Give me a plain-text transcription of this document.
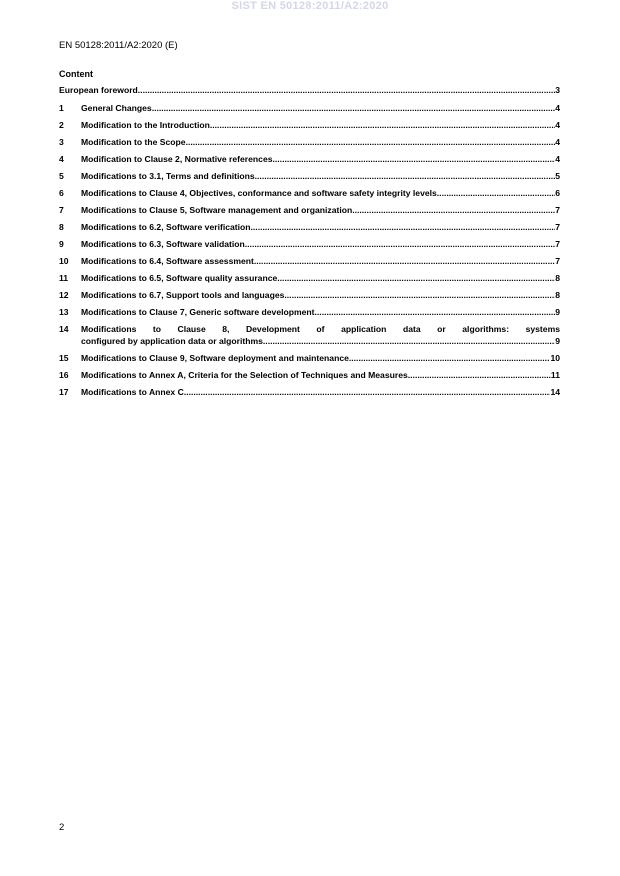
SIST EN 50128:2011/A2:2020
EN 50128:2011/A2:2020 (E)
Content
European foreword .....	3
1	General Changes .....	4
2	Modification to the Introduction .....	4
3	Modification to the Scope .....	4
4	Modification to Clause 2, Normative references .....	4
5	Modifications to 3.1, Terms and definitions .....	5
6	Modifications to Clause 4, Objectives, conformance and software safety integrity levels .....	6
7	Modifications to Clause 5, Software management and organization .....	7
8	Modifications to 6.2, Software verification .....	7
9	Modifications to 6.3, Software validation .....	7
10	Modifications to 6.4, Software assessment .....	7
11	Modifications to 6.5, Software quality assurance .....	8
12	Modifications to 6.7, Support tools and languages .....	8
13	Modifications to Clause 7, Generic software development .....	9
14	Modifications to Clause 8, Development of application data or algorithms: systems
configured by application data or algorithms .....	9
15	Modifications to Clause 9, Software deployment and maintenance .....	10
16	Modifications to Annex A, Criteria for the Selection of Techniques and Measures .....	11
17	Modifications to Annex C .....	14
2
